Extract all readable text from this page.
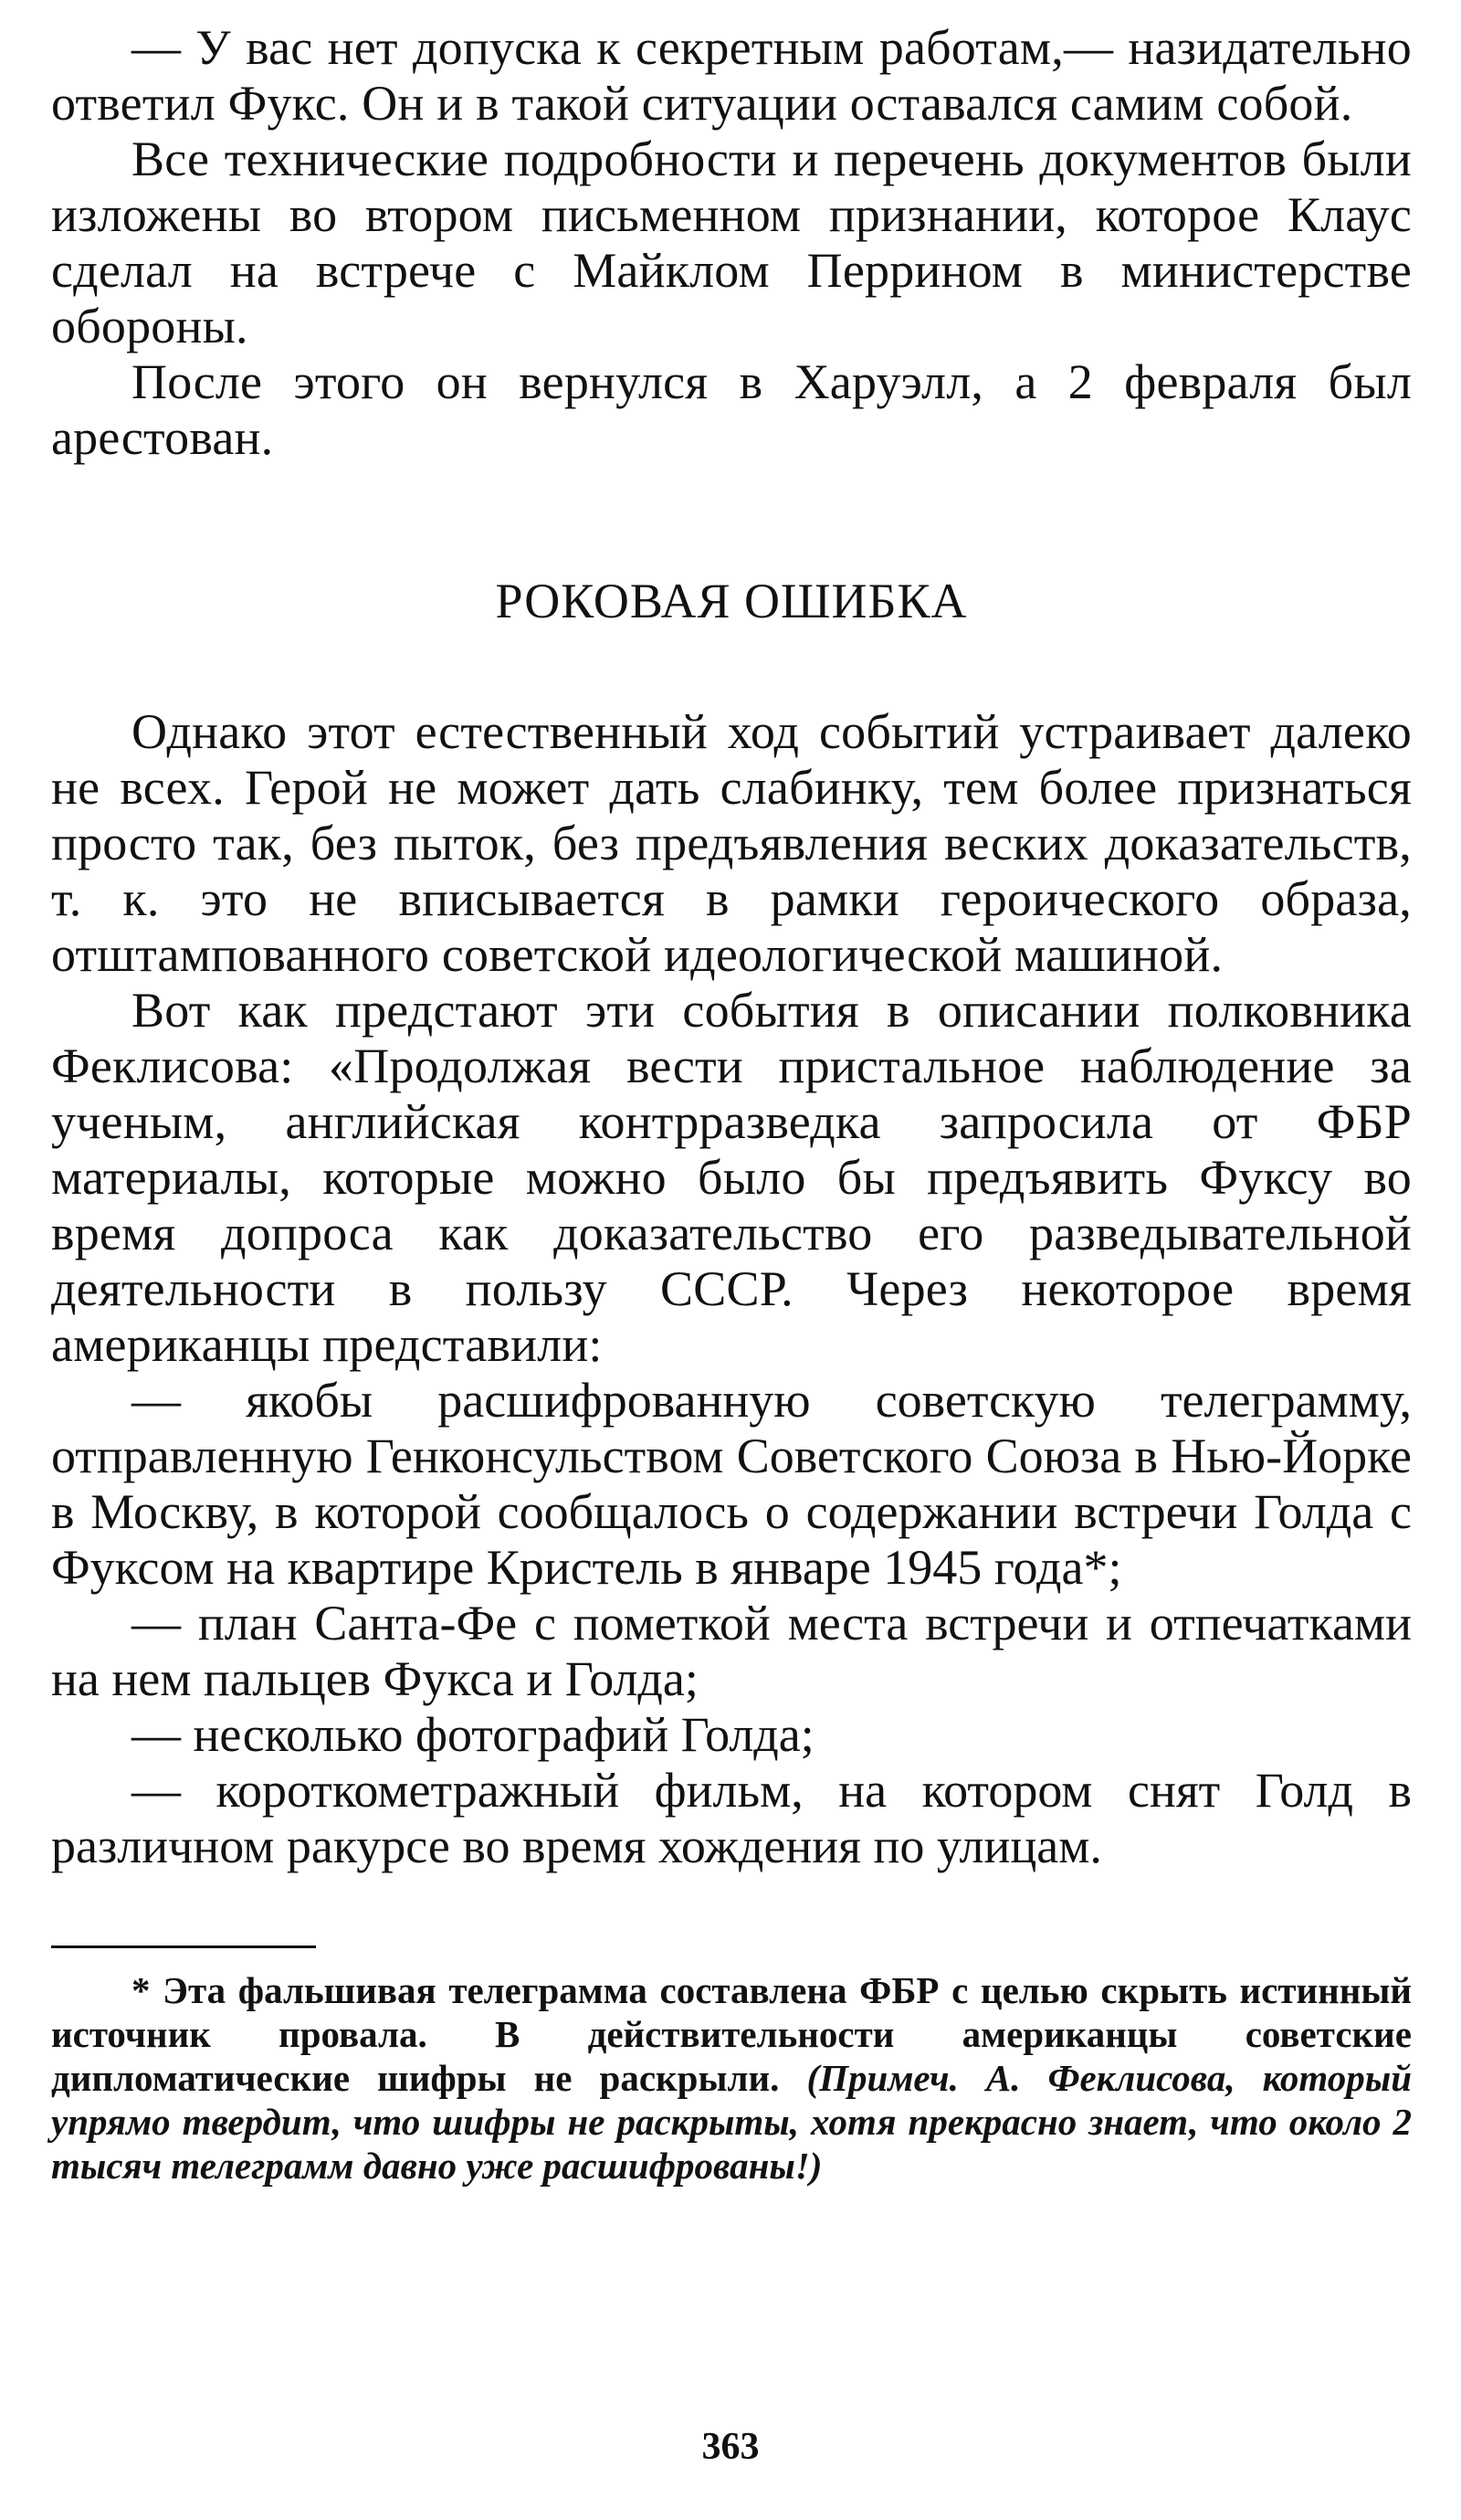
— У вас нет допуска к секретным работам,— назидательно ответил Фукс. Он и в такой ситуации оставался самим собой.

Все технические подробности и перечень документов были изложены во втором письменном признании, которое Клаус сделал на встрече с Майклом Перрином в министерстве обороны.

После этого он вернулся в Харуэлл, а 2 февраля был арестован.

РОКОВАЯ ОШИБКА

Однако этот естественный ход событий устраивает далеко не всех. Герой не может дать слабинку, тем более признаться просто так, без пыток, без предъявления веских доказательств, т. к. это не вписывается в рамки героического образа, отштампованного советской идеологической машиной.

Вот как предстают эти события в описании полковника Феклисова: «Продолжая вести пристальное наблюдение за ученым, английская контрразведка запросила от ФБР материалы, которые можно было бы предъявить Фуксу во время допроса как доказательство его разведывательной деятельности в пользу СССР. Через некоторое время американцы представили:

— якобы расшифрованную советскую телеграмму, отправленную Генконсульством Советского Союза в Нью-Йорке в Москву, в которой сообщалось о содержании встречи Голда с Фуксом на квартире Кристель в январе 1945 года*;

— план Санта-Фе с пометкой места встречи и отпечатками на нем пальцев Фукса и Голда;

— несколько фотографий Голда;

— короткометражный фильм, на котором снят Голд в различном ракурсе во время хождения по улицам.

* Эта фальшивая телеграмма составлена ФБР с целью скрыть истинный источник провала. В действительности американцы советские дипломатические шифры не раскрыли. (Примеч. А. Феклисова, который упрямо твердит, что шифры не раскрыты, хотя прекрасно знает, что около 2 тысяч телеграмм давно уже расшифрованы!)

363
